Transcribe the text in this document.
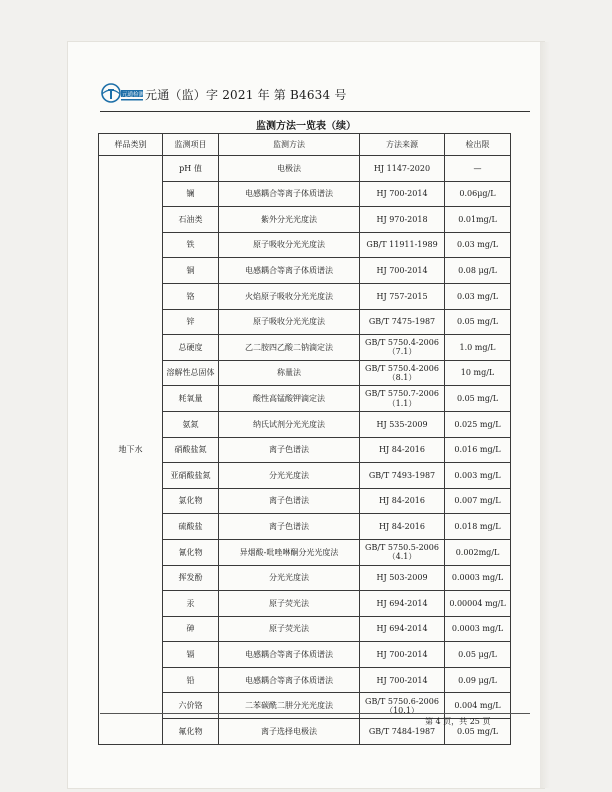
元通检测 元通（监）字 2021 年 第 B4634 号
监测方法一览表（续）
样品类别	监测项目	监测方法	方法来源	检出限
地下水	pH 值	电极法	HJ 1147-2020	—
	镧	电感耦合等离子体质谱法	HJ 700-2014	0.06μg/L
	石油类	紫外分光光度法	HJ 970-2018	0.01mg/L
	铁	原子吸收分光光度法	GB/T 11911-1989	0.03 mg/L
	铜	电感耦合等离子体质谱法	HJ 700-2014	0.08 μg/L
	铬	火焰原子吸收分光光度法	HJ 757-2015	0.03 mg/L
	锌	原子吸收分光光度法	GB/T 7475-1987	0.05 mg/L
	总硬度	乙二胺四乙酸二钠滴定法	GB/T 5750.4-2006 （7.1）	1.0 mg/L
	溶解性总固体	称量法	GB/T 5750.4-2006 （8.1）	10 mg/L
	耗氧量	酸性高锰酸钾滴定法	GB/T 5750.7-2006 （1.1）	0.05 mg/L
	氨氮	纳氏试剂分光光度法	HJ 535-2009	0.025 mg/L
	硝酸盐氮	离子色谱法	HJ 84-2016	0.016 mg/L
	亚硝酸盐氮	分光光度法	GB/T 7493-1987	0.003 mg/L
	氯化物	离子色谱法	HJ 84-2016	0.007 mg/L
	硫酸盐	离子色谱法	HJ 84-2016	0.018 mg/L
	氰化物	异烟酸-吡唑啉酮分光光度法	GB/T 5750.5-2006 （4.1）	0.002mg/L
	挥发酚	分光光度法	HJ 503-2009	0.0003 mg/L
	汞	原子荧光法	HJ 694-2014	0.00004 mg/L
	砷	原子荧光法	HJ 694-2014	0.0003 mg/L
	镉	电感耦合等离子体质谱法	HJ 700-2014	0.05 μg/L
	铅	电感耦合等离子体质谱法	HJ 700-2014	0.09 μg/L
	六价铬	二苯碳酰二肼分光光度法	GB/T 5750.6-2006 （10.1）	0.004 mg/L
	氟化物	离子选择电极法	GB/T 7484-1987	0.05 mg/L
第 4 页，共 25 页
